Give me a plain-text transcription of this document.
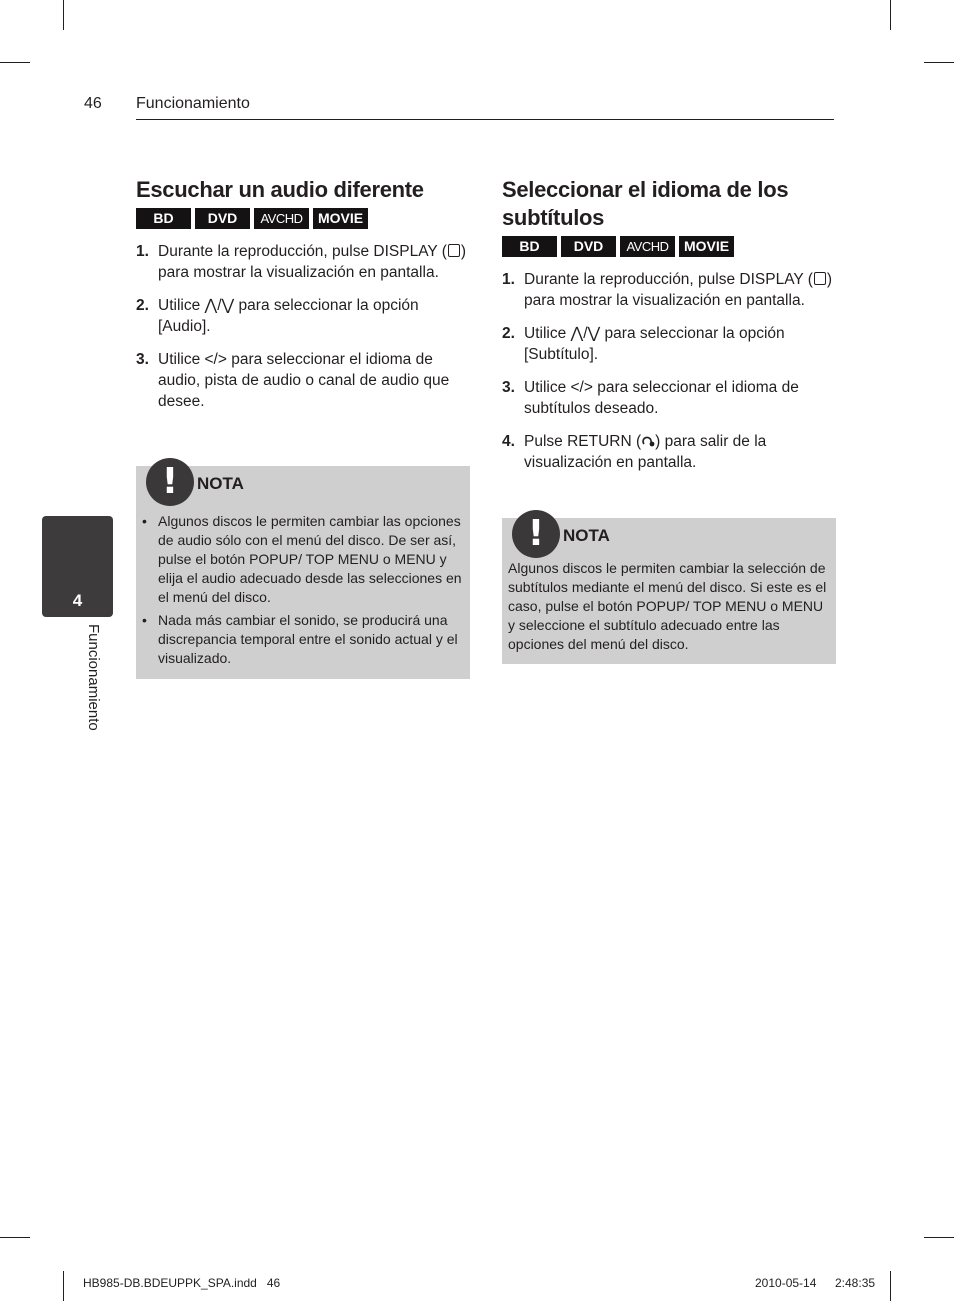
46 Funcionamiento
4
Funcionamiento
Escuchar un audio diferente
BD	DVD	AVCHD	MOVIE
1. Durante la reproducción, pulse DISPLAY ( ) para mostrar la visualización en pantalla.
2. Utilice ⋀/⋁ para seleccionar la opción [Audio].
3. Utilice </> para seleccionar el idioma de audio, pista de audio o canal de audio que desee.
!	NOTA
• Algunos discos le permiten cambiar las opciones de audio sólo con el menú del disco. De ser así, pulse el botón POPUP/ TOP MENU o MENU y elija el audio adecuado desde las selecciones en el menú del disco.
• Nada más cambiar el sonido, se producirá una discrepancia temporal entre el sonido actual y el visualizado.
Seleccionar el idioma de los subtítulos
BD	DVD	AVCHD	MOVIE
1. Durante la reproducción, pulse DISPLAY ( ) para mostrar la visualización en pantalla.
2. Utilice ⋀/⋁ para seleccionar la opción [Subtítulo].
3. Utilice </> para seleccionar el idioma de subtítulos deseado.
4. Pulse RETURN ( ) para salir de la visualización en pantalla.
!	NOTA

Algunos discos le permiten cambiar la selección de subtítulos mediante el menú del disco. Si este es el caso, pulse el botón POPUP/ TOP MENU o MENU y seleccione el subtítulo adecuado entre las opciones del menú del disco.

HB985-DB.BDEUPPK_SPA.indd   46	2010-05-14 2:48:35
